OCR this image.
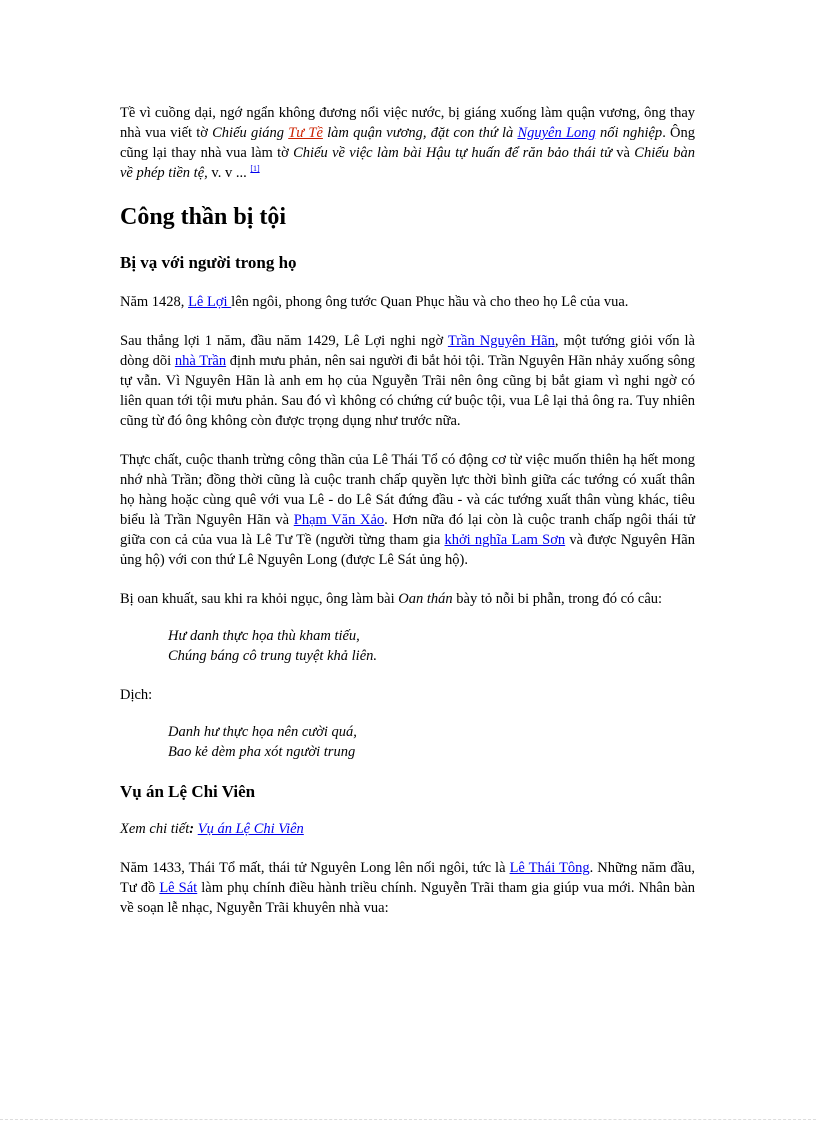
Tề vì cuồng dại, ngớ ngẩn không đương nổi việc nước, bị giáng xuống làm quận vương, ông thay nhà vua viết tờ Chiếu giáng Tư Tề làm quận vương, đặt con thứ là Nguyên Long nối nghiệp. Ông cũng lại thay nhà vua làm tờ Chiếu về việc làm bài Hậu tự huấn để răn bảo thái tử và Chiếu bàn về phép tiền tệ, v. v ... [1]

Công thần bị tội
Bị vạ với người trong họ

Năm 1428, Lê Lợi lên ngôi, phong ông tước Quan Phục hầu và cho theo họ Lê của vua.

Sau thắng lợi 1 năm, đầu năm 1429, Lê Lợi nghi ngờ Trần Nguyên Hãn, một tướng giỏi vốn là dòng dõi nhà Trần định mưu phản, nên sai người đi bắt hỏi tội. Trần Nguyên Hãn nhảy xuống sông tự vẫn. Vì Nguyên Hãn là anh em họ của Nguyễn Trãi nên ông cũng bị bắt giam vì nghi ngờ có liên quan tới tội mưu phản. Sau đó vì không có chứng cứ buộc tội, vua Lê lại thả ông ra. Tuy nhiên cũng từ đó ông không còn được trọng dụng như trước nữa.

Thực chất, cuộc thanh trừng công thần của Lê Thái Tổ có động cơ từ việc muốn thiên hạ hết mong nhớ nhà Trần; đồng thời cũng là cuộc tranh chấp quyền lực thời bình giữa các tướng có xuất thân họ hàng hoặc cùng quê với vua Lê - do Lê Sát đứng đầu - và các tướng xuất thân vùng khác, tiêu biểu là Trần Nguyên Hãn và Phạm Văn Xảo. Hơn nữa đó lại còn là cuộc tranh chấp ngôi thái tử giữa con cả của vua là Lê Tư Tề (người từng tham gia khởi nghĩa Lam Sơn và được Nguyên Hãn ủng hộ) với con thứ Lê Nguyên Long (được Lê Sát ủng hộ).

Bị oan khuất, sau khi ra khỏi ngục, ông làm bài Oan thán bày tỏ nỗi bi phẫn, trong đó có câu:

Hư danh thực họa thù kham tiếu,
Chúng báng cô trung tuyệt khả liên.

Dịch:

Danh hư thực họa nên cười quá,
Bao kẻ dèm pha xót người trung
Vụ án Lệ Chi Viên

Xem chi tiết: Vụ án Lệ Chi Viên

Năm 1433, Thái Tổ mất, thái tử Nguyên Long lên nối ngôi, tức là Lê Thái Tông. Những năm đầu, Tư đồ Lê Sát làm phụ chính điều hành triều chính. Nguyễn Trãi tham gia giúp vua mới. Nhân bàn về soạn lễ nhạc, Nguyễn Trãi khuyên nhà vua:
